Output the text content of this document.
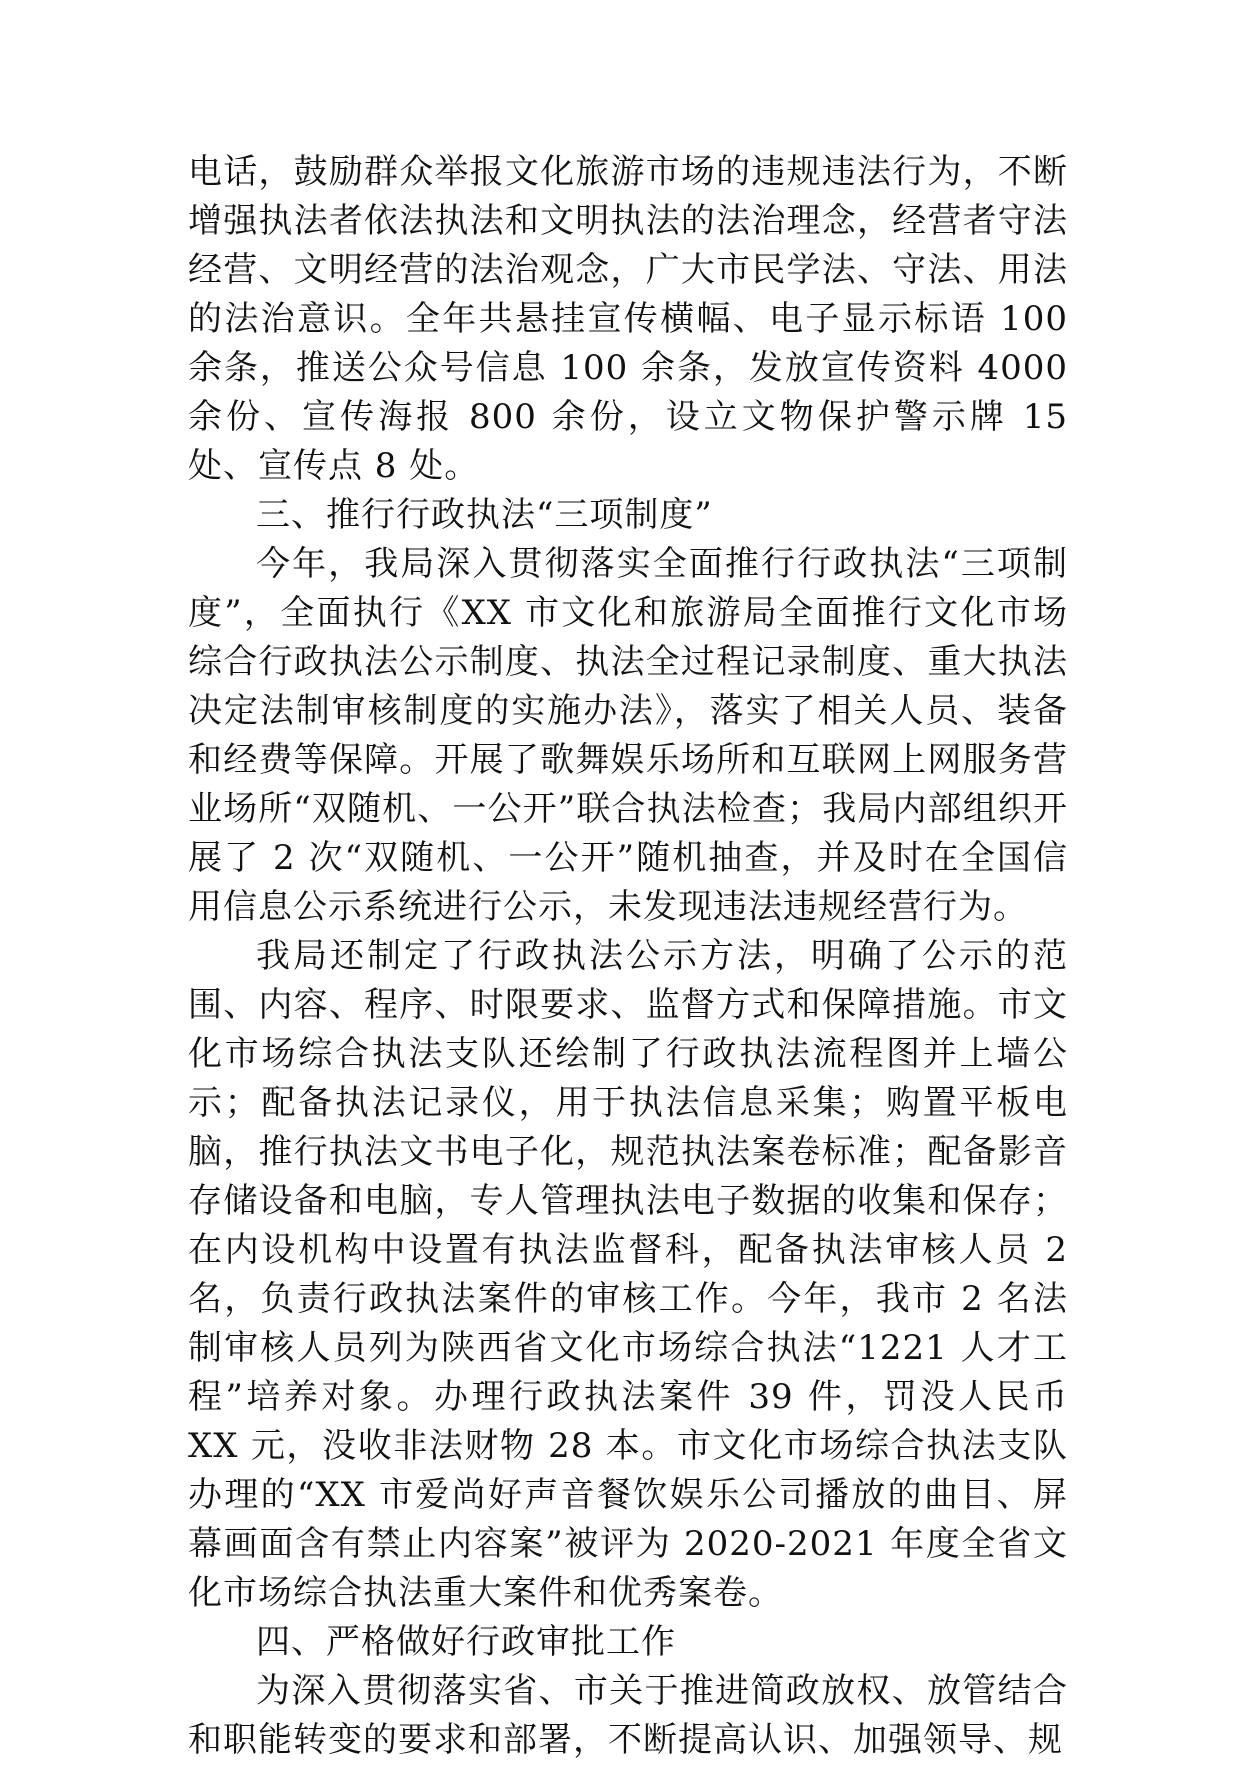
电话，鼓励群众举报文化旅游市场的违规违法行为，不断增强执法者依法执法和文明执法的法治理念，经营者守法经营、文明经营的法治观念，广大市民学法、守法、用法的法治意识。全年共悬挂宣传横幅、电子显示标语 100 余条，推送公众号信息 100 余条，发放宣传资料 4000 余份、宣传海报 800 余份，设立文物保护警示牌 15 处、宣传点 8 处。

三、推行行政执法“三项制度”

今年，我局深入贯彻落实全面推行行政执法“三项制度”，全面执行《XX 市文化和旅游局全面推行文化市场综合行政执法公示制度、执法全过程记录制度、重大执法决定法制审核制度的实施办法》，落实了相关人员、装备和经费等保障。开展了歌舞娱乐场所和互联网上网服务营业场所“双随机、一公开”联合执法检查；我局内部组织开展了 2 次“双随机、一公开”随机抽查，并及时在全国信用信息公示系统进行公示，未发现违法违规经营行为。

我局还制定了行政执法公示方法，明确了公示的范围、内容、程序、时限要求、监督方式和保障措施。市文化市场综合执法支队还绘制了行政执法流程图并上墙公示；配备执法记录仪，用于执法信息采集；购置平板电脑，推行执法文书电子化，规范执法案卷标准；配备影音存储设备和电脑，专人管理执法电子数据的收集和保存；在内设机构中设置有执法监督科，配备执法审核人员 2 名，负责行政执法案件的审核工作。今年，我市 2 名法制审核人员列为陕西省文化市场综合执法“1221 人才工程”培养对象。办理行政执法案件 39 件，罚没人民币 XX 元，没收非法财物 28 本。市文化市场综合执法支队办理的“XX 市爱尚好声音餐饮娱乐公司播放的曲目、屏幕画面含有禁止内容案”被评为 2020-2021 年度全省文化市场综合执法重大案件和优秀案卷。

四、严格做好行政审批工作

为深入贯彻落实省、市关于推进简政放权、放管结合和职能转变的要求和部署，不断提高认识、加强领导、规
